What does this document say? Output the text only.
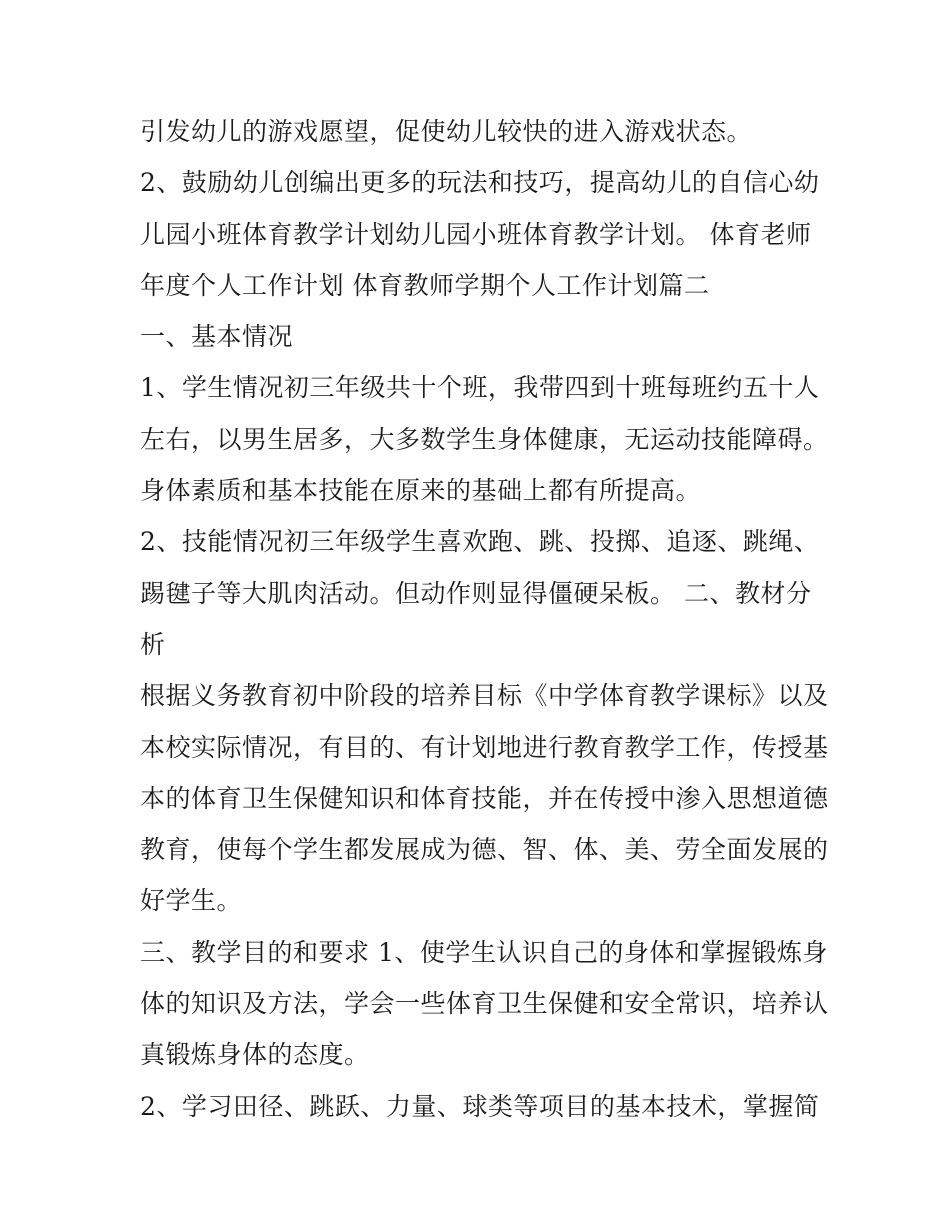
引发幼儿的游戏愿望，促使幼儿较快的进入游戏状态。
2、鼓励幼儿创编出更多的玩法和技巧，提高幼儿的自信心幼
儿园小班体育教学计划幼儿园小班体育教学计划。 体育老师
年度个人工作计划 体育教师学期个人工作计划篇二
一、基本情况
1、学生情况初三年级共十个班，我带四到十班每班约五十人
左右，以男生居多，大多数学生身体健康，无运动技能障碍。
身体素质和基本技能在原来的基础上都有所提高。
2、技能情况初三年级学生喜欢跑、跳、投掷、追逐、跳绳、
踢毽子等大肌肉活动。但动作则显得僵硬呆板。 二、教材分
析
根据义务教育初中阶段的培养目标《中学体育教学课标》以及
本校实际情况，有目的、有计划地进行教育教学工作，传授基
本的体育卫生保健知识和体育技能，并在传授中渗入思想道德
教育，使每个学生都发展成为德、智、体、美、劳全面发展的
好学生。
三、教学目的和要求 1、使学生认识自己的身体和掌握锻炼身
体的知识及方法，学会一些体育卫生保健和安全常识，培养认
真锻炼身体的态度。
2、学习田径、跳跃、力量、球类等项目的基本技术，掌握简
